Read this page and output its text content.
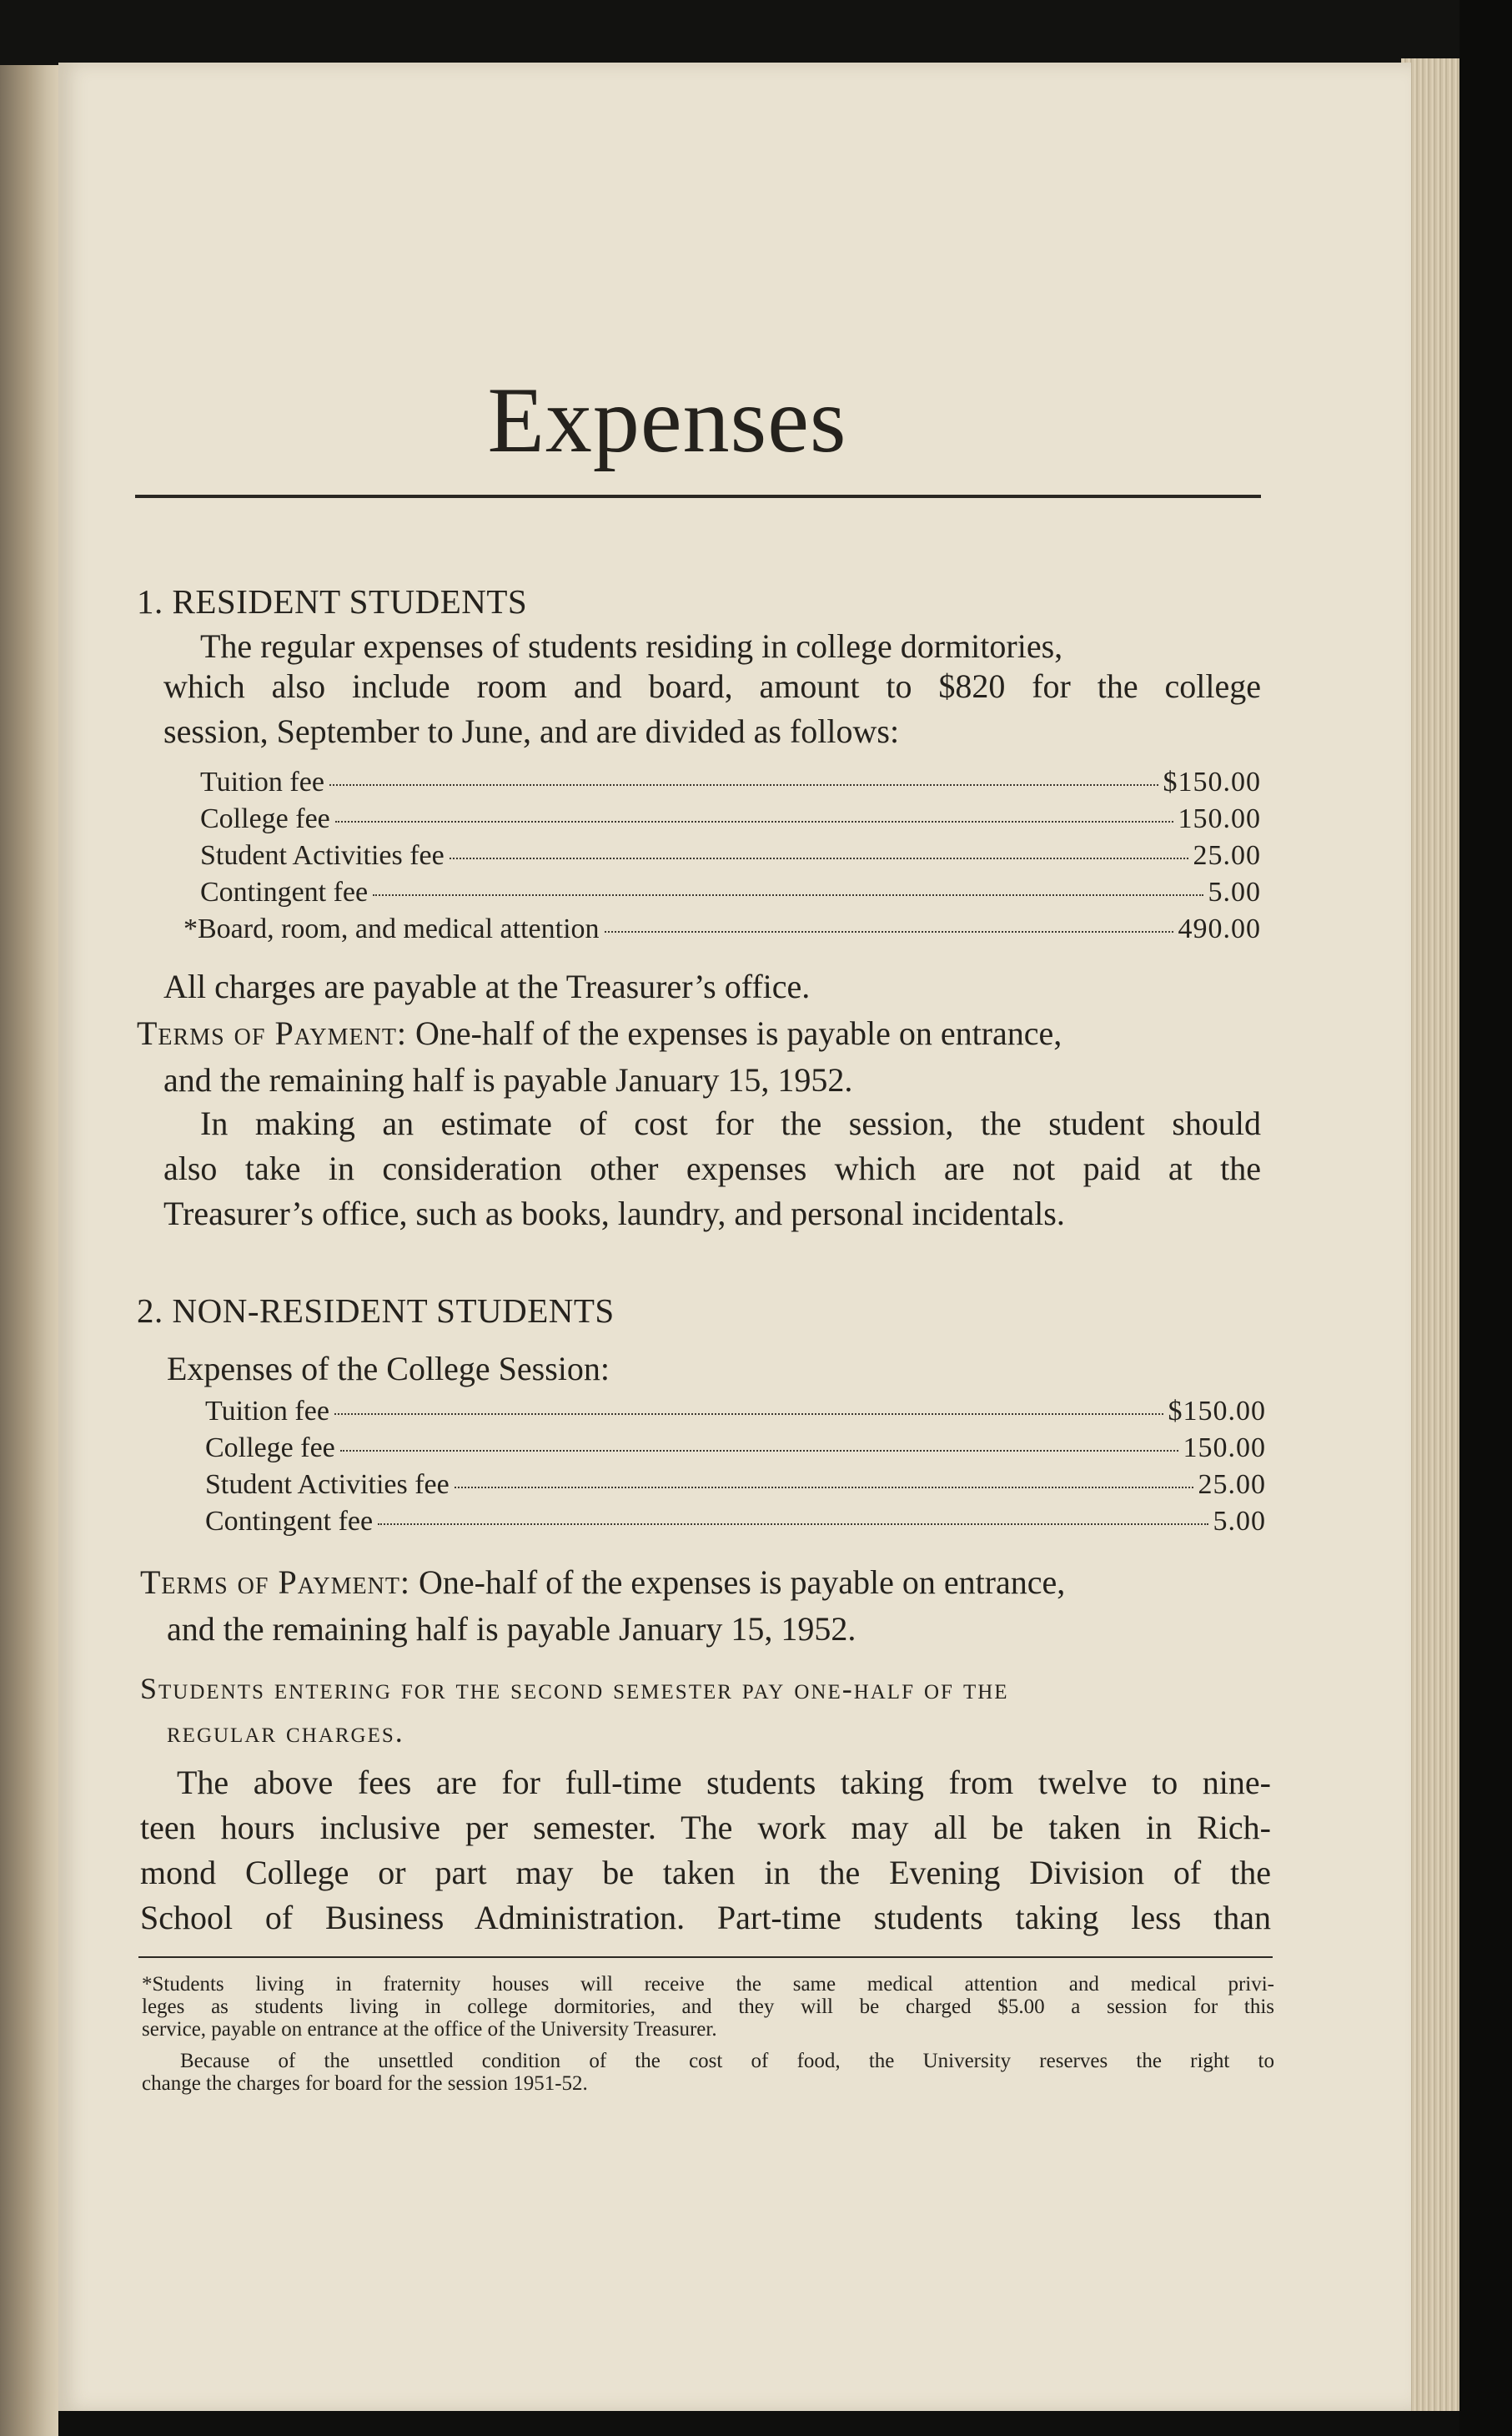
Expenses
1. RESIDENT STUDENTS
The regular expenses of students residing in college dormitories,
which also include room and board, amount to $820 for the college
session, September to June, and are divided as follows:
Tuition fee	$150.00
College fee	150.00
Student Activities fee	25.00
Contingent fee	5.00
*Board, room, and medical attention	490.00
All charges are payable at the Treasurer’s office.
Terms of Payment: One-half of the expenses is payable on entrance,
and the remaining half is payable January 15, 1952.
In making an estimate of cost for the session, the student should
also take in consideration other expenses which are not paid at the
Treasurer’s office, such as books, laundry, and personal incidentals.
2. NON-RESIDENT STUDENTS
Expenses of the College Session:
Tuition fee	$150.00
College fee	150.00
Student Activities fee	25.00
Contingent fee	5.00
Terms of Payment: One-half of the expenses is payable on entrance,
and the remaining half is payable January 15, 1952.
Students entering for the second semester pay one-half of the
regular charges.
The above fees are for full-time students taking from twelve to nine-
teen hours inclusive per semester. The work may all be taken in Rich-
mond College or part may be taken in the Evening Division of the
School of Business Administration. Part-time students taking less than
*Students living in fraternity houses will receive the same medical attention and medical privi-
leges as students living in college dormitories, and they will be charged $5.00 a session for this
service, payable on entrance at the office of the University Treasurer.
Because of the unsettled condition of the cost of food, the University reserves the right to
change the charges for board for the session 1951-52.
